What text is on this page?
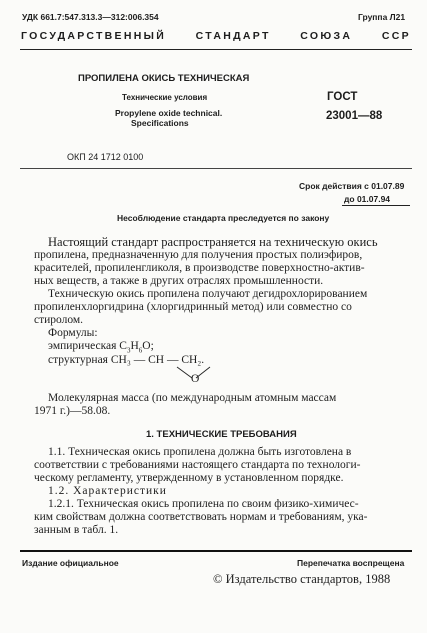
УДК 661.7:547.313.3—312:006.354	Группа Л21
ГОСУДАРСТВЕННЫЙ СТАНДАРТ СОЮЗА ССР
ПРОПИЛЕНА ОКИСЬ ТЕХНИЧЕСКАЯ
Технические условия
Propylene oxide technical.
Specifications
ГОСТ
23001—88
ОКП 24 1712 0100
Срок действия с 01.07.89
до 01.07.94
Несоблюдение стандарта преследуется по закону
Настоящий стандарт распространяется на техническую окись
пропилена, предназначенную для получения простых полиэфиров,
красителей, пропиленгликоля, в производстве поверхностно-актив-
ных веществ, а также в других отраслях промышленности.
Техническую окись пропилена получают дегидрохлорированием
пропиленхлоргидрина (хлоргидринный метод) или совместно со
стиролом.
Формулы:
эмпирическая $C_3H_6O$;
структурная CH₃ — CH — CH₂.
O
Молекулярная масса (по международным атомным массам
1971 г.)—58.08.
1. ТЕХНИЧЕСКИЕ ТРЕБОВАНИЯ
1.1. Техническая окись пропилена должна быть изготовлена в
соответствии с требованиями настоящего стандарта по технологи-
ческому регламенту, утвержденному в установленном порядке.
1.2. Характеристики
1.2.1. Техническая окись пропилена по своим физико-химичес-
ким свойствам должна соответствовать нормам и требованиям, ука-
занным в табл. 1.
Издание официальное	Перепечатка воспрещена
© Издательство стандартов, 1988
